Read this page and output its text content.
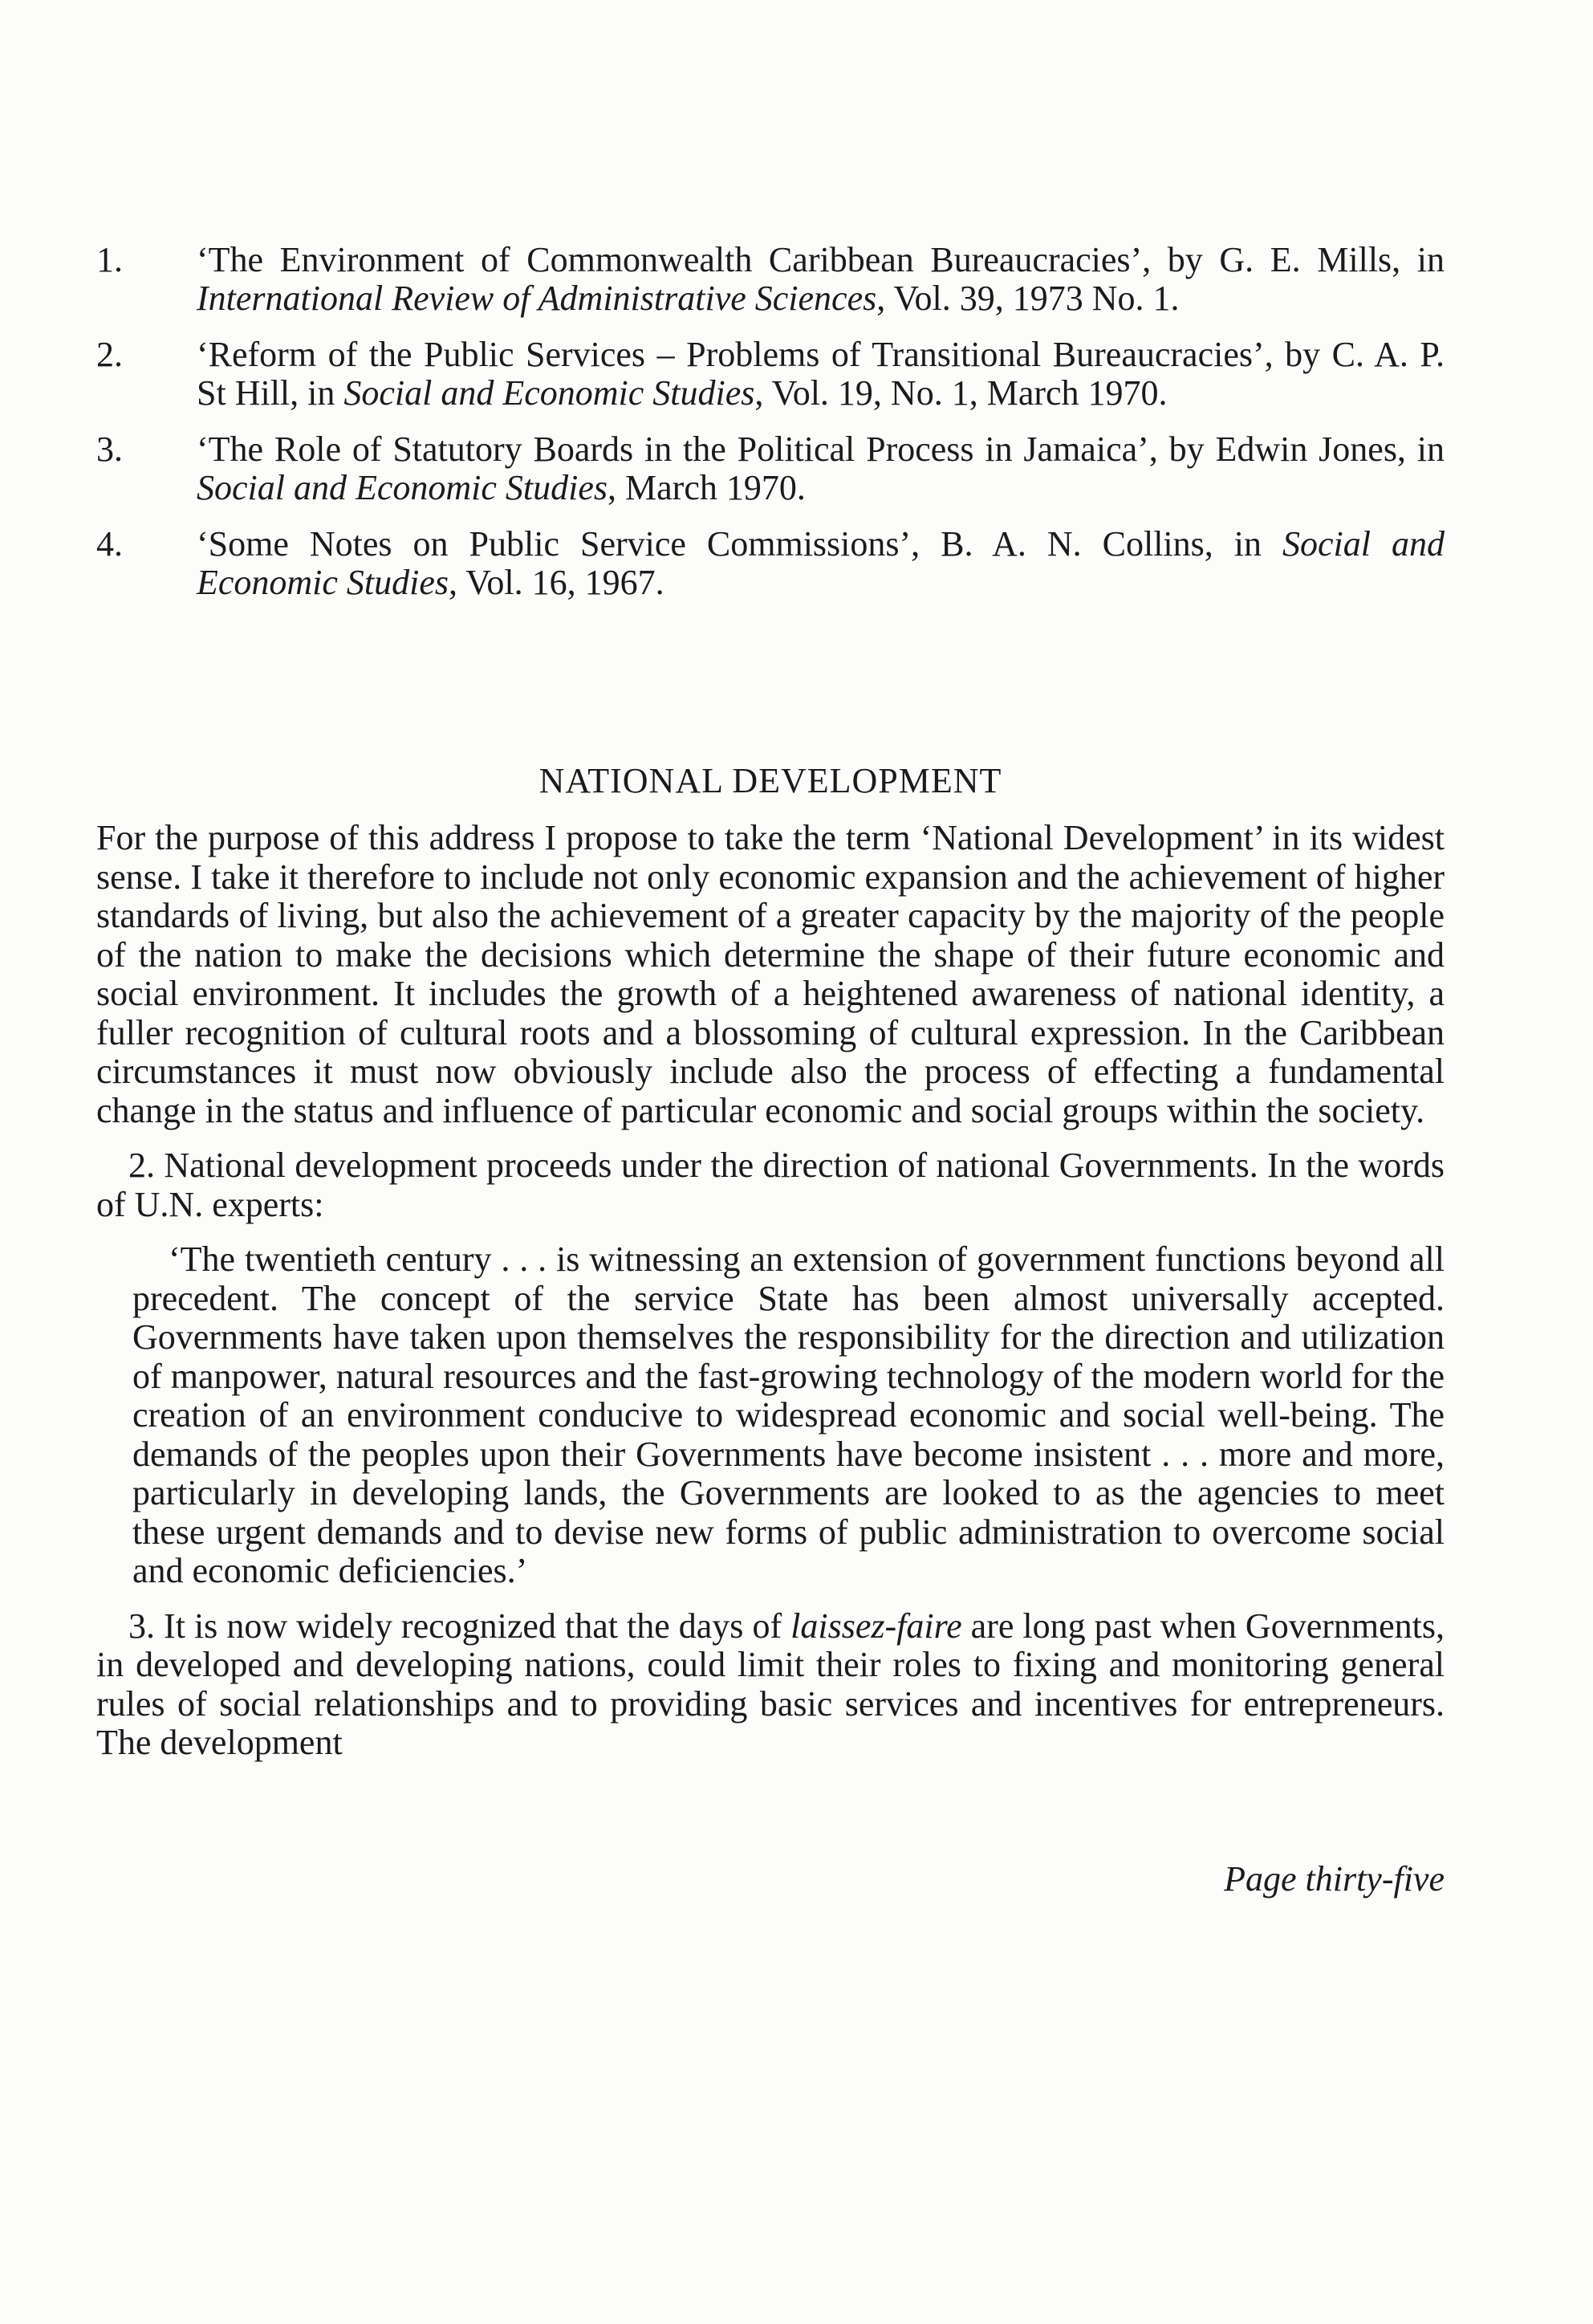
1. ‘The Environment of Commonwealth Caribbean Bureaucracies’, by G. E. Mills, in International Review of Administrative Sciences, Vol. 39, 1973 No. 1.
2. ‘Reform of the Public Services – Problems of Transitional Bureaucracies’, by C. A. P. St Hill, in Social and Economic Studies, Vol. 19, No. 1, March 1970.
3. ‘The Role of Statutory Boards in the Political Process in Jamaica’, by Edwin Jones, in Social and Economic Studies, March 1970.
4. ‘Some Notes on Public Service Commissions’, B. A. N. Collins, in Social and Economic Studies, Vol. 16, 1967.
NATIONAL DEVELOPMENT

For the purpose of this address I propose to take the term ‘National Development’ in its widest sense. I take it therefore to include not only economic expansion and the achievement of higher standards of living, but also the achievement of a greater capacity by the majority of the people of the nation to make the decisions which determine the shape of their future economic and social environment. It includes the growth of a heightened awareness of national identity, a fuller recognition of cultural roots and a blossoming of cultural expression. In the Caribbean circumstances it must now obviously include also the process of effecting a fundamental change in the status and influence of particular economic and social groups within the society.

2. National development proceeds under the direction of national Governments. In the words of U.N. experts:

‘The twentieth century . . . is witnessing an extension of government functions beyond all precedent. The concept of the service State has been almost universally accepted. Governments have taken upon themselves the responsibility for the direction and utilization of manpower, natural resources and the fast-growing technology of the modern world for the creation of an environment conducive to widespread economic and social well-being. The demands of the peoples upon their Governments have become insistent . . . more and more, particularly in developing lands, the Governments are looked to as the agencies to meet these urgent demands and to devise new forms of public administration to overcome social and economic deficiencies.’

3. It is now widely recognized that the days of laissez-faire are long past when Governments, in developed and developing nations, could limit their roles to fixing and monitoring general rules of social relationships and to providing basic services and incentives for entrepreneurs. The development

Page thirty-five
